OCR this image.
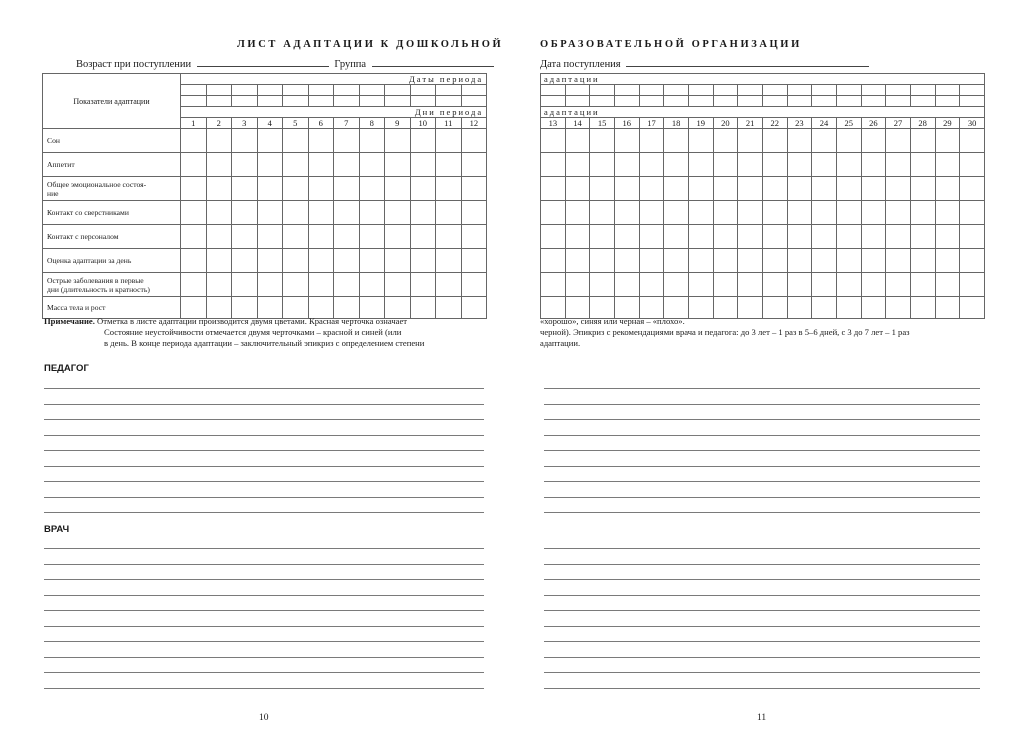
ЛИСТ АДАПТАЦИИ К ДОШКОЛЬНОЙ
Возраст при поступлении	Группа
Показатели адаптации	Даты периода											

	Дни периода											
	1	2	3	4	5	6	7	8	9	10	11	12

Сон												

Аппетит												

Общее эмоциональное состоя-
ние												

Контакт со сверстниками												

Контакт с персоналом												

Оценка адаптации за день												

Острые заболевания в первые
дни (длительность и кратность)												

Масса тела и рост												

Примечание. Отметка в листе адаптации производится двумя цветами. Красная черточка означает
Состояние неустойчивости отмечается двумя черточками – красной и синей (или
в день. В конце периода адаптации – заключительный эпикриз с определением степени
ПЕДАГОГ
ВРАЧ
10
ОБРАЗОВАТЕЛЬНОЙ ОРГАНИЗАЦИИ
Дата поступления
адаптации																	

адаптации																	
13	14	15	16	17	18	19	20	21	22	23	24	25	26	27	28	29	30

«хорошо», синяя или черная – «плохо».
черной). Эпикриз с рекомендациями врача и педагога: до 3 лет – 1 раз в 5–6 дней, с 3 до 7 лет – 1 раз
адаптации.
11
